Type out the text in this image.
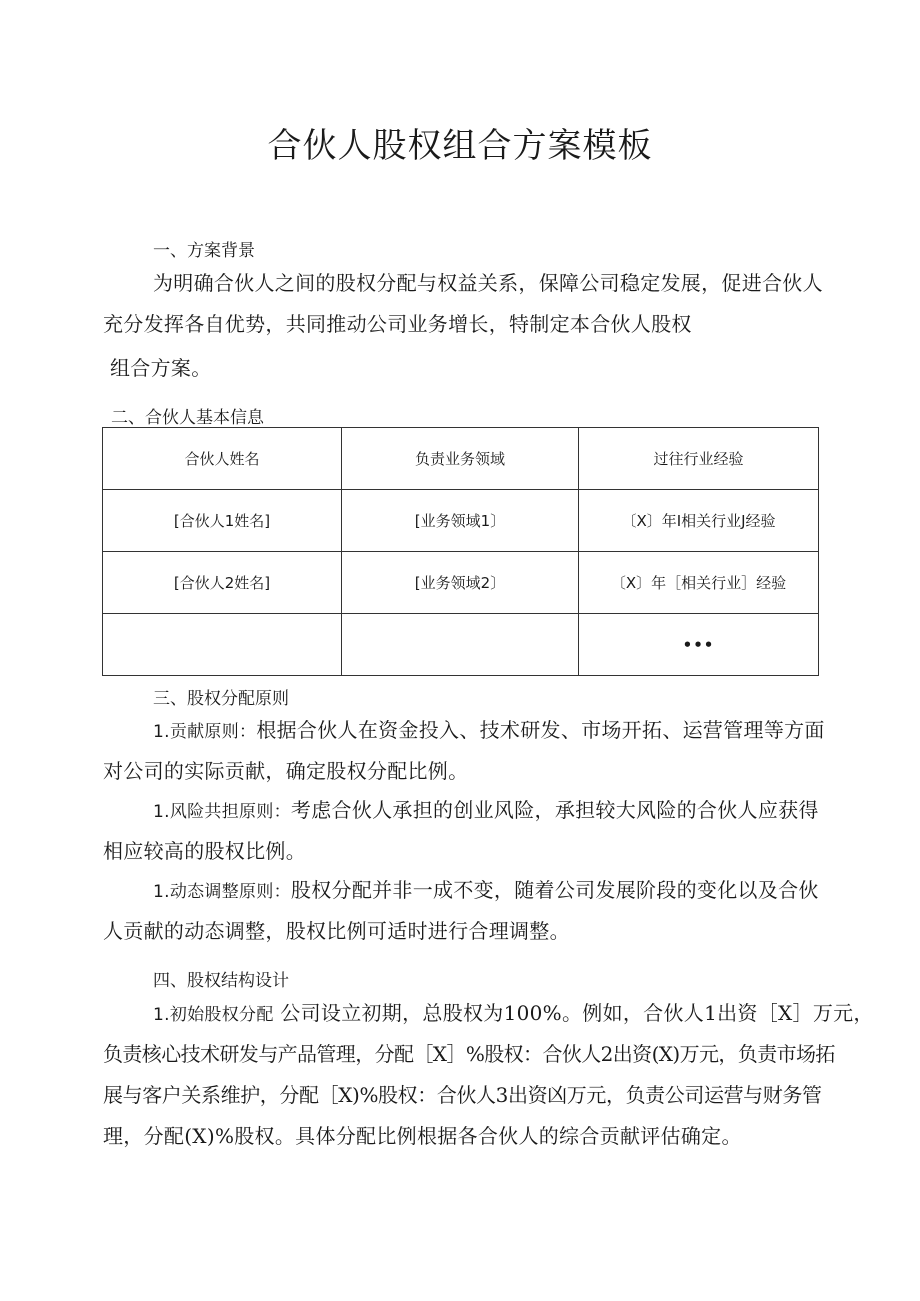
合伙人股权组合方案模板
一、方案背景
为明确合伙人之间的股权分配与权益关系，保障公司稳定发展，促进合伙人
充分发挥各自优势，共同推动公司业务增长，特制定本合伙人股权
组合方案。
二、合伙人基本信息
合伙人姓名	负责业务领域	过往行业经验
[合伙人1姓名]	[业务领域1〕	〔X〕年I相关行业J经验
[合伙人2姓名]	[业务领域2〕	〔X〕年［相关行业］经验
		•••
三、股权分配原则
1.贡献原则：根据合伙人在资金投入、技术研发、市场开拓、运营管理等方面
对公司的实际贡献，确定股权分配比例。
1.风险共担原则：考虑合伙人承担的创业风险，承担较大风险的合伙人应获得
相应较高的股权比例。
1.动态调整原则：股权分配并非一成不变，随着公司发展阶段的变化以及合伙
人贡献的动态调整，股权比例可适时进行合理调整。
四、股权结构设计
1.初始股权分配 公司设立初期，总股权为100%。例如，合伙人1出资［X］万元，
负责核心技术研发与产品管理，分配［X］%股权：合伙人2出资(X)万元，负责市场拓
展与客户关系维护，分配［X)%股权：合伙人3出资凶万元，负责公司运营与财务管
理，分配(X)%股权。具体分配比例根据各合伙人的综合贡献评估确定。
